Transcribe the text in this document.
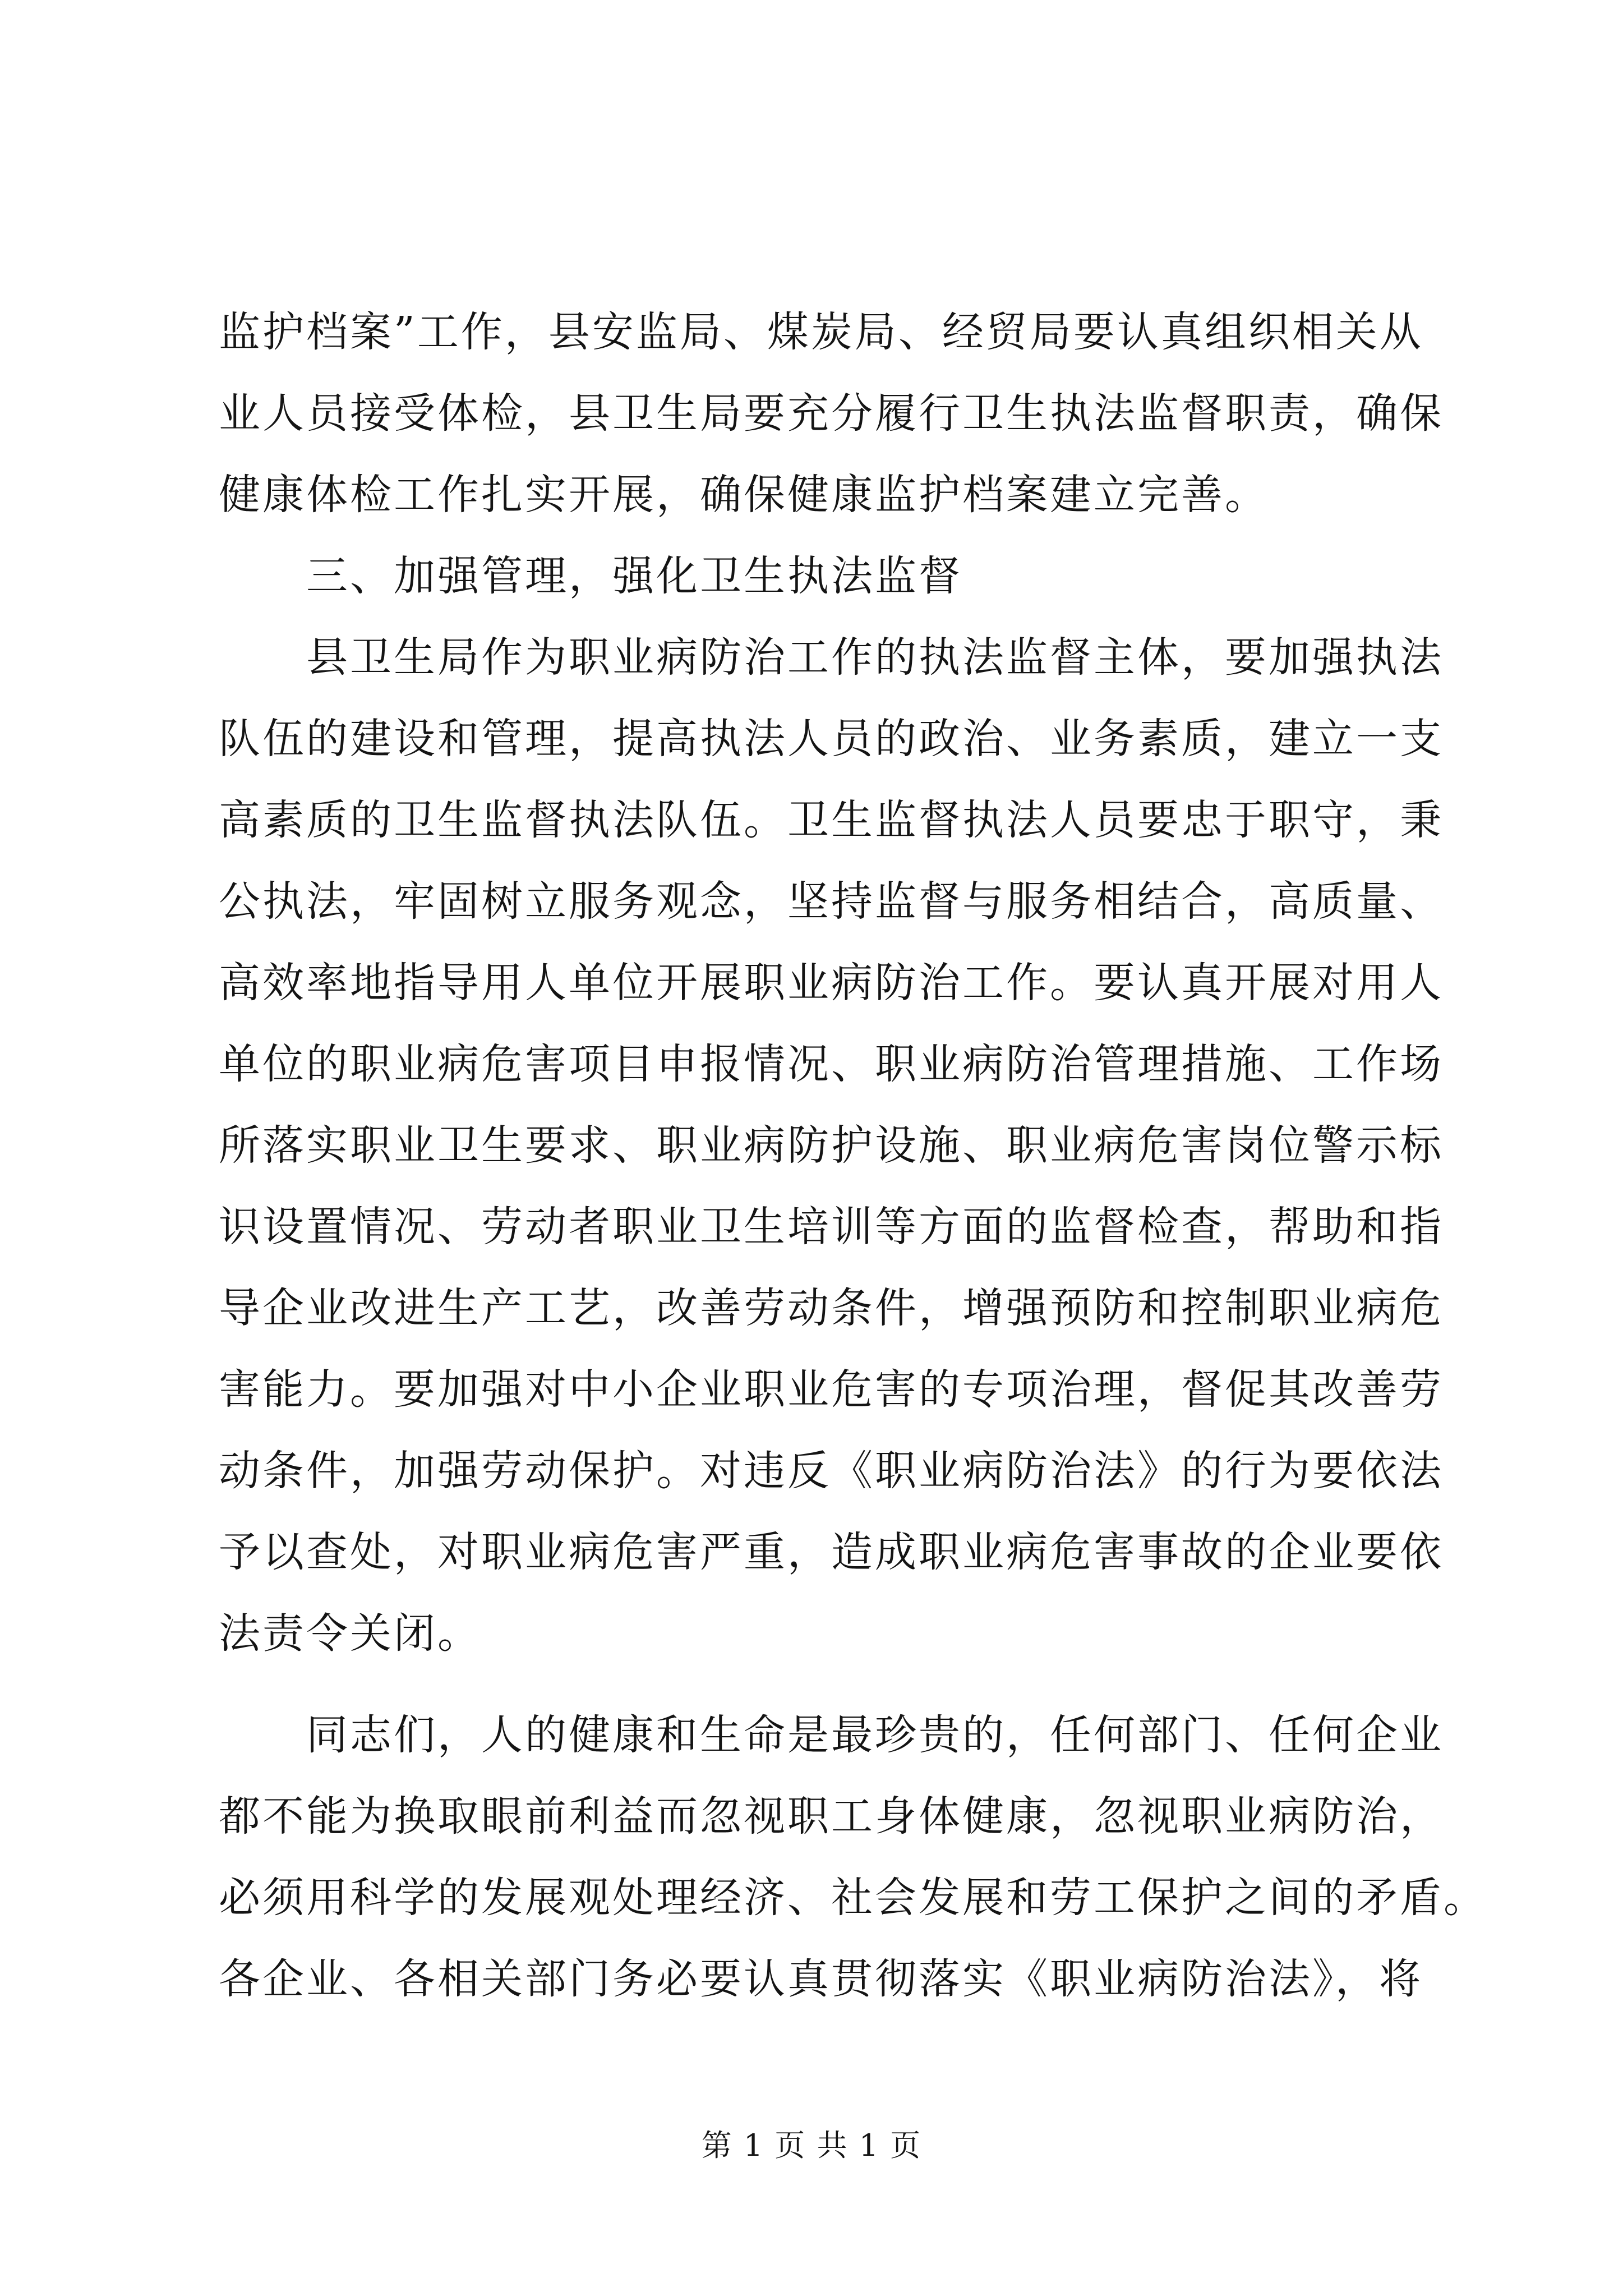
监护档案”工作，县安监局、煤炭局、经贸局要认真组织相关从
业人员接受体检，县卫生局要充分履行卫生执法监督职责，确保
健康体检工作扎实开展，确保健康监护档案建立完善。
三、加强管理，强化卫生执法监督
县卫生局作为职业病防治工作的执法监督主体，要加强执法
队伍的建设和管理，提高执法人员的政治、业务素质，建立一支
高素质的卫生监督执法队伍。卫生监督执法人员要忠于职守，秉
公执法，牢固树立服务观念，坚持监督与服务相结合，高质量、
高效率地指导用人单位开展职业病防治工作。要认真开展对用人
单位的职业病危害项目申报情况、职业病防治管理措施、工作场
所落实职业卫生要求、职业病防护设施、职业病危害岗位警示标
识设置情况、劳动者职业卫生培训等方面的监督检查，帮助和指
导企业改进生产工艺，改善劳动条件，增强预防和控制职业病危
害能力。要加强对中小企业职业危害的专项治理，督促其改善劳
动条件，加强劳动保护。对违反《职业病防治法》的行为要依法
予以查处，对职业病危害严重，造成职业病危害事故的企业要依
法责令关闭。
同志们，人的健康和生命是最珍贵的，任何部门、任何企业
都不能为换取眼前利益而忽视职工身体健康，忽视职业病防治，
必须用科学的发展观处理经济、社会发展和劳工保护之间的矛盾。
各企业、各相关部门务必要认真贯彻落实《职业病防治法》，将
第 1 页 共 1 页
